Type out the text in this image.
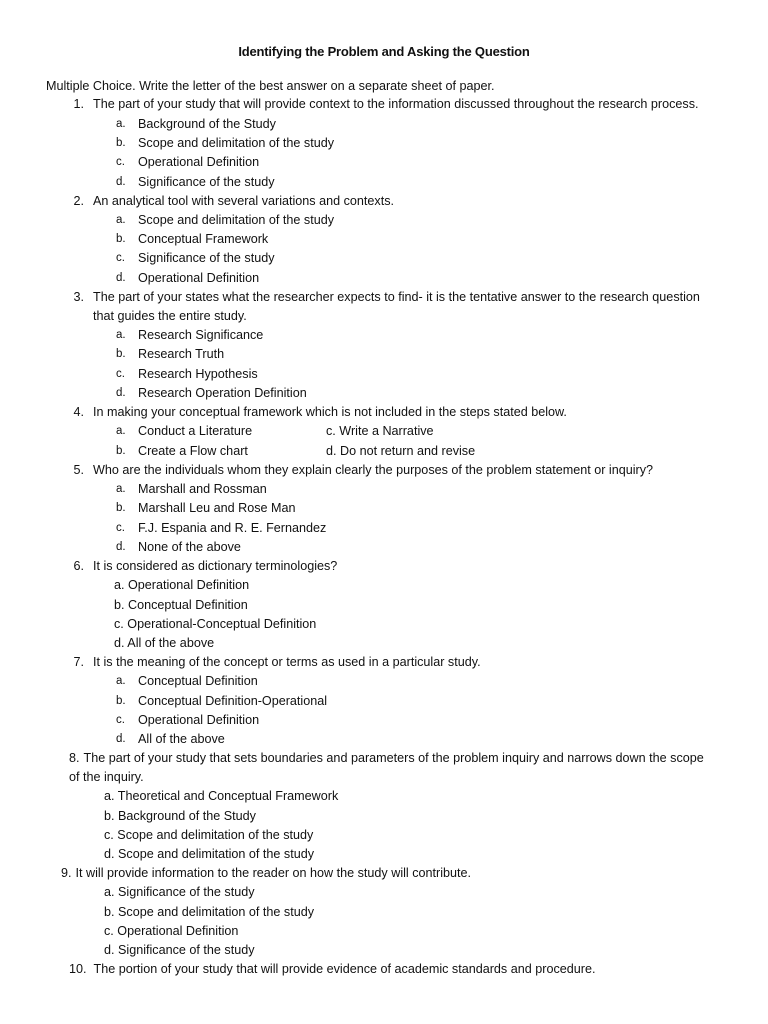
Identifying the Problem and Asking the Question
Multiple Choice. Write the letter of the best answer on a separate sheet of paper.
1. The part of your study that will provide context to the information discussed throughout the research process.
a. Background of the Study
b. Scope and delimitation of the study
c.	Operational Definition
d. Significance of the study
2. An analytical tool with several variations and contexts.
a. Scope and delimitation of the study
b. Conceptual Framework
c.	Significance of the study
d. Operational Definition
3. The part of your states what the researcher expects to find- it is the tentative answer to the research question
that guides the entire study.
a. Research Significance
b. Research Truth
c.	Research Hypothesis
d. Research Operation Definition
4. In making your conceptual framework which is not included in the steps stated below.
a. Conduct a Literature	c. Write a Narrative
b. Create a Flow chart	d. Do not return and revise
5. Who are the individuals whom they explain clearly the purposes of the problem statement or inquiry?
a. Marshall and Rossman
b. Marshall Leu and Rose Man
c.	F.J. Espania and R. E. Fernandez
d. None of the above
6. It is considered as dictionary terminologies?
a. Operational Definition
b. Conceptual Definition
c. Operational-Conceptual Definition
d. All of the above
7. It is the meaning of the concept or terms as used in a particular study.
a. Conceptual Definition
b. Conceptual Definition-Operational
c.	Operational Definition
d. All of the above
8. The part of your study that sets boundaries and parameters of the problem inquiry and narrows down the scope
of the inquiry.
a. Theoretical and Conceptual Framework
b. Background of the Study
c. Scope and delimitation of the study
d. Scope and delimitation of the study
9. It will provide information to the reader on how the study will contribute.
a. Significance of the study
b. Scope and delimitation of the study
c. Operational Definition
d. Significance of the study
10. The portion of your study that will provide evidence of academic standards and procedure.
